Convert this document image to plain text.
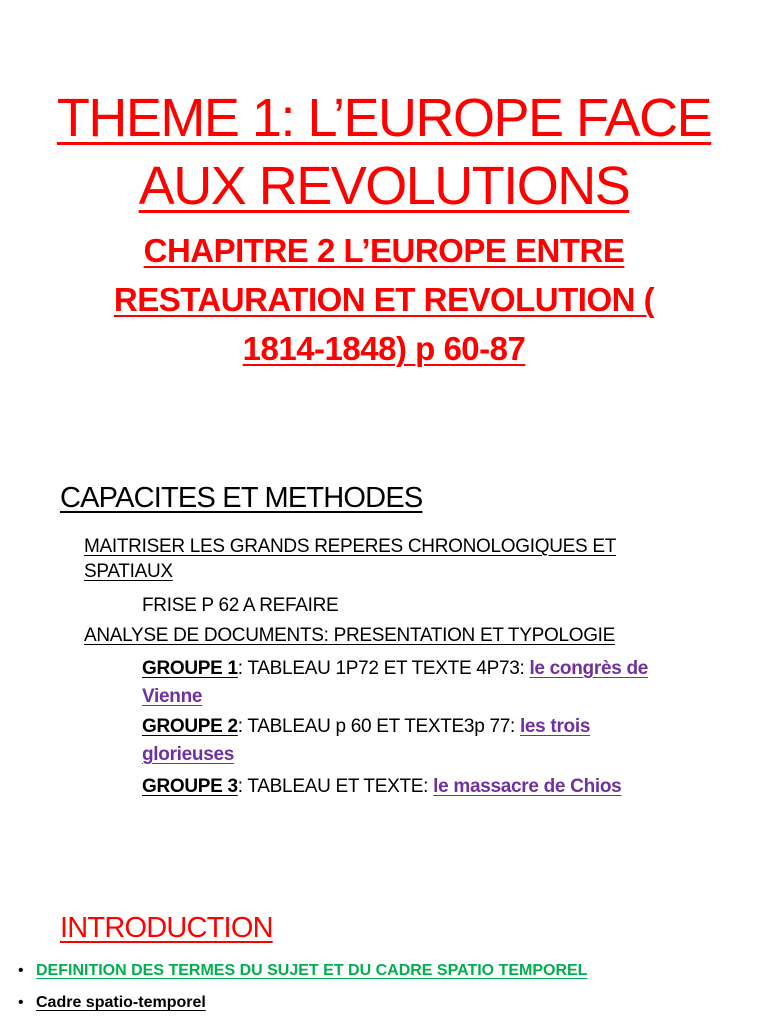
THEME 1: L’EUROPE FACE
AUX REVOLUTIONS
CHAPITRE 2 L’EUROPE ENTRE
RESTAURATION ET REVOLUTION (
1814-1848) p 60-87
CAPACITES ET METHODES
MAITRISER LES GRANDS REPERES CHRONOLOGIQUES ET
SPATIAUX
FRISE P 62 A REFAIRE
ANALYSE DE DOCUMENTS: PRESENTATION ET TYPOLOGIE
GROUPE 1: TABLEAU 1P72 ET TEXTE 4P73: le congrès de
Vienne
GROUPE 2: TABLEAU p 60 ET TEXTE3p 77: les trois
glorieuses
GROUPE 3: TABLEAU ET TEXTE: le massacre de Chios
INTRODUCTION
• DEFINITION DES TERMES DU SUJET ET DU CADRE SPATIO TEMPOREL
• Cadre spatio-temporel
